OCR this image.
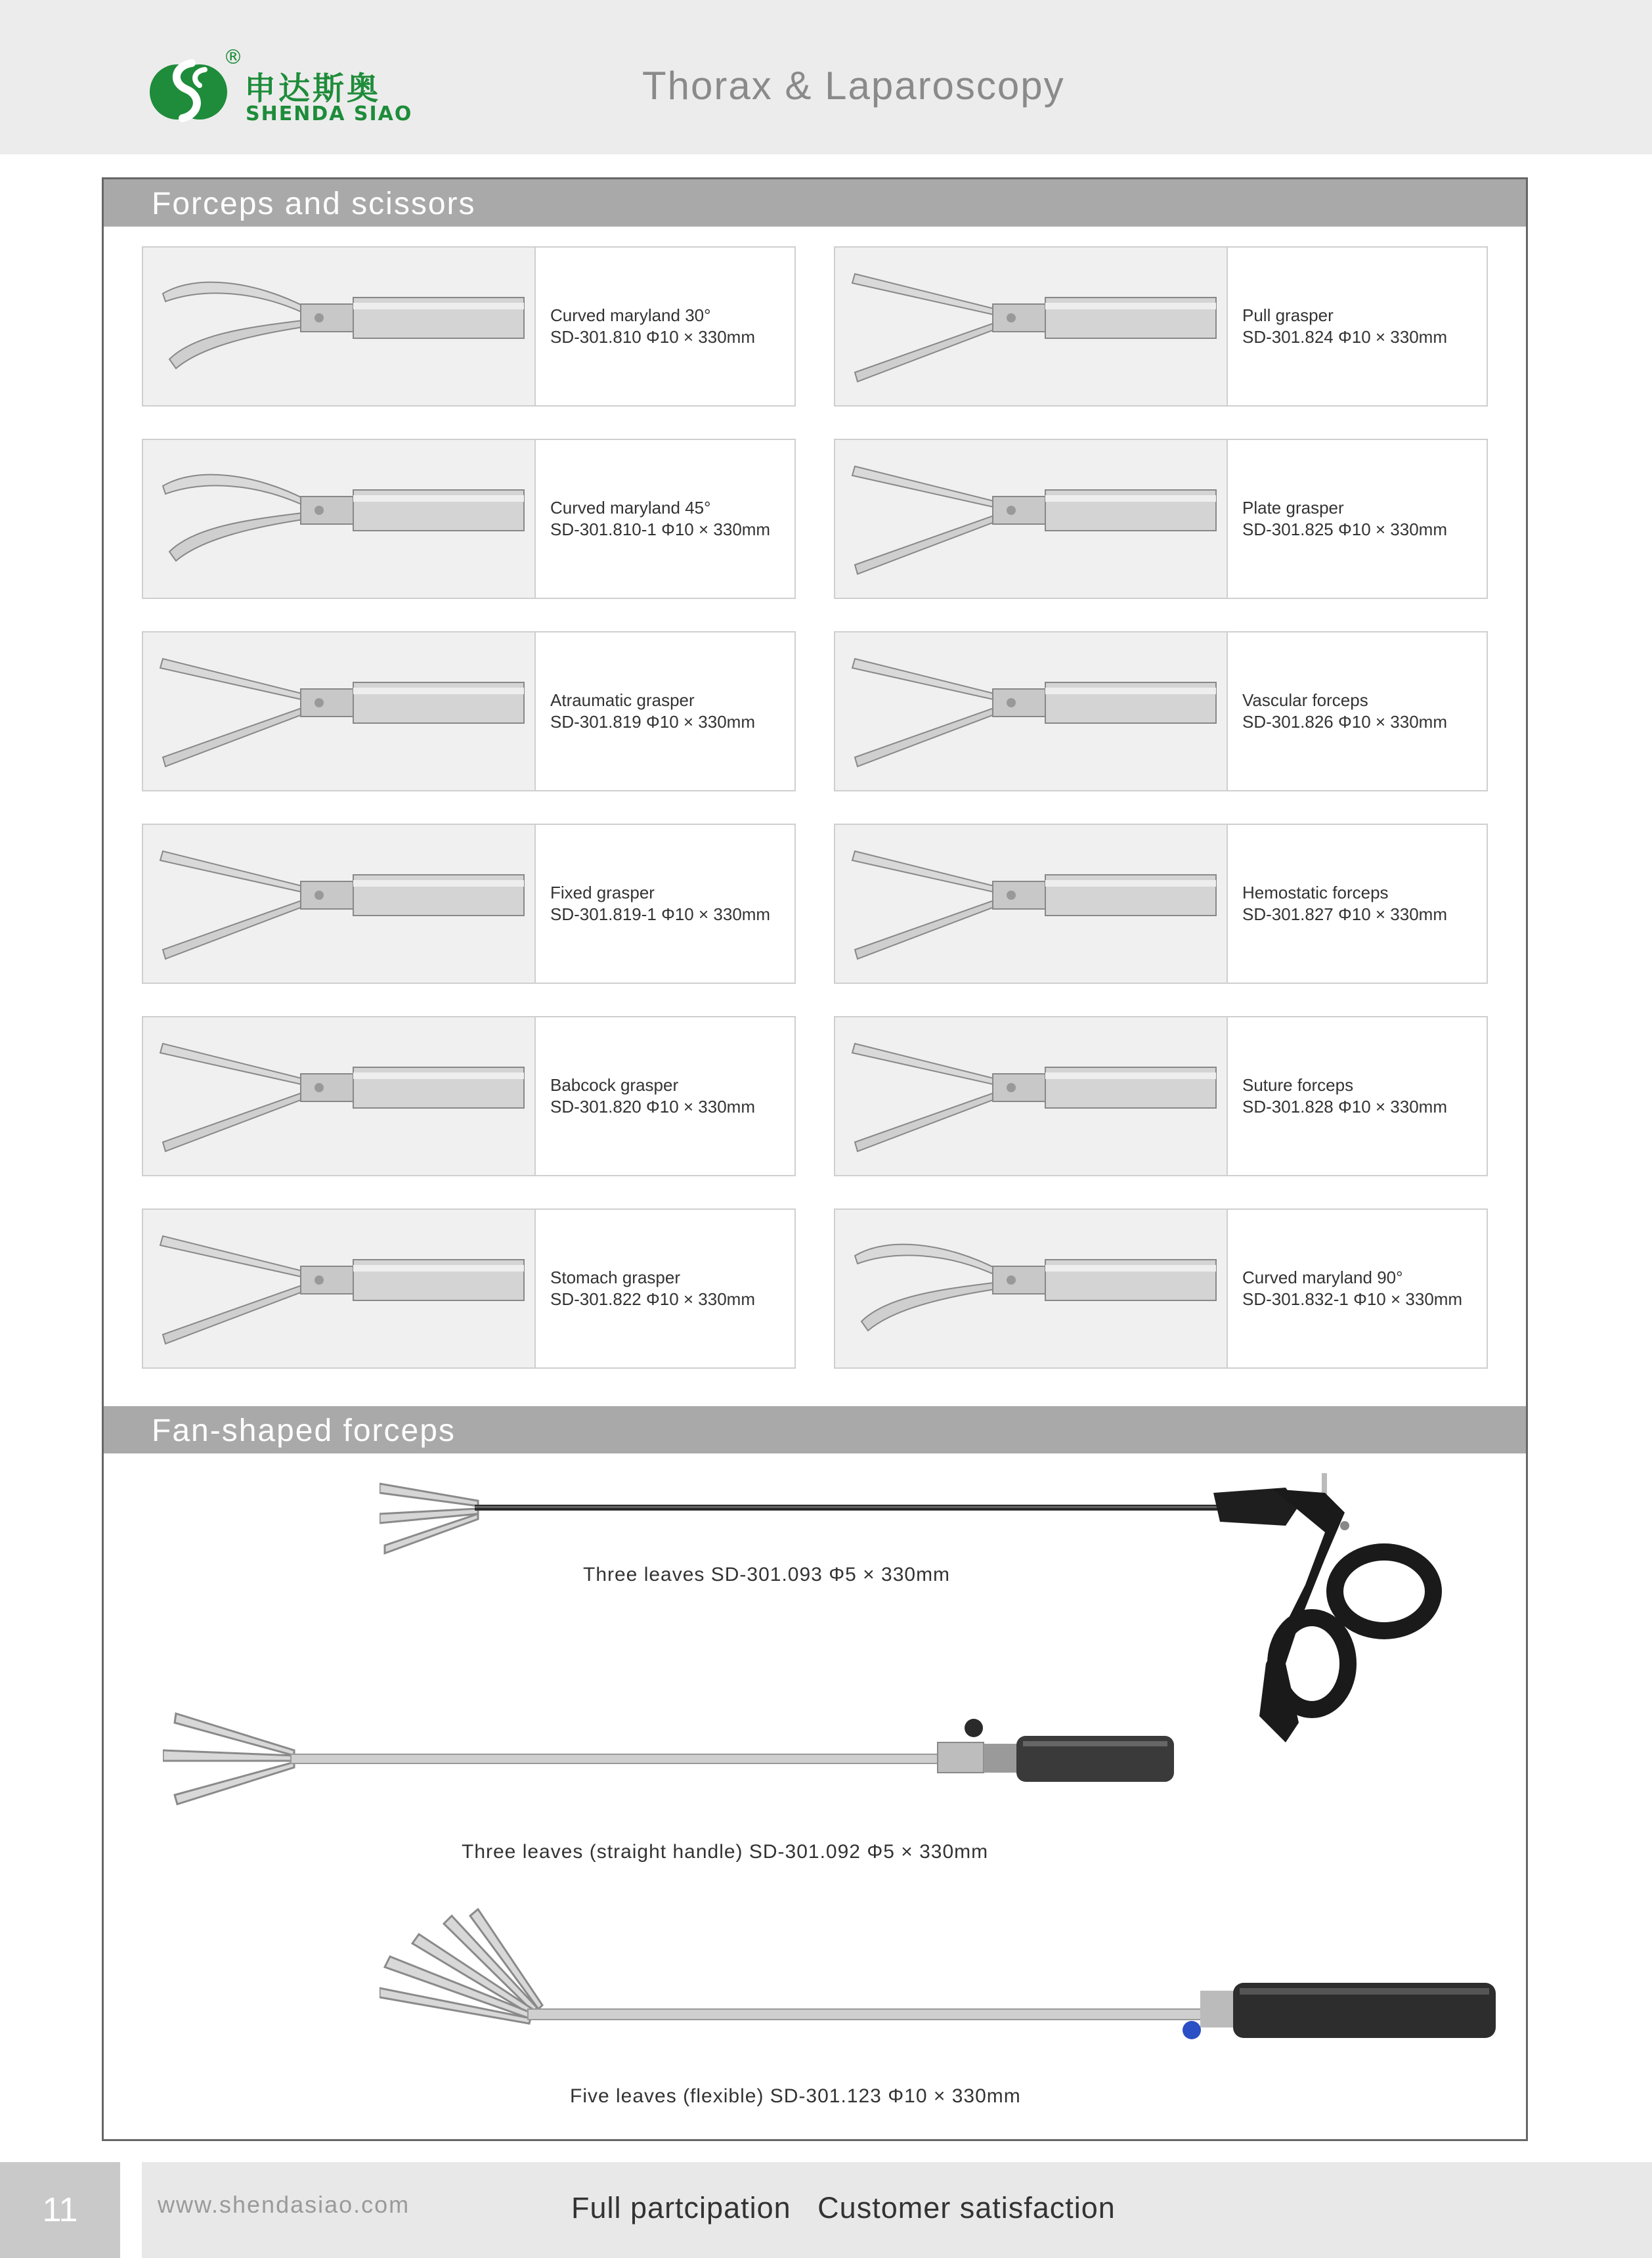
®
申达斯奥
SHENDA SIAO
Thorax & Laparoscopy
Forceps and scissors
Curved maryland 30°
SD-301.810 Φ10 × 330mm
Pull grasper
SD-301.824 Φ10 × 330mm
Curved maryland 45°
SD-301.810-1 Φ10 × 330mm
Plate grasper
SD-301.825 Φ10 × 330mm
Atraumatic grasper
SD-301.819 Φ10 × 330mm
Vascular forceps
SD-301.826 Φ10 × 330mm
Fixed grasper
SD-301.819-1 Φ10 × 330mm
Hemostatic forceps
SD-301.827 Φ10 × 330mm
Babcock grasper
SD-301.820 Φ10 × 330mm
Suture forceps
SD-301.828 Φ10 × 330mm
Stomach grasper
SD-301.822 Φ10 × 330mm
Curved maryland 90°
SD-301.832-1 Φ10 × 330mm
Fan-shaped forceps
Three leaves SD-301.093 Φ5 × 330mm
Three leaves (straight handle) SD-301.092 Φ5 × 330mm
Five leaves (flexible) SD-301.123 Φ10 × 330mm
11	www.shendasiao.com	Full partcipation   Customer satisfaction
